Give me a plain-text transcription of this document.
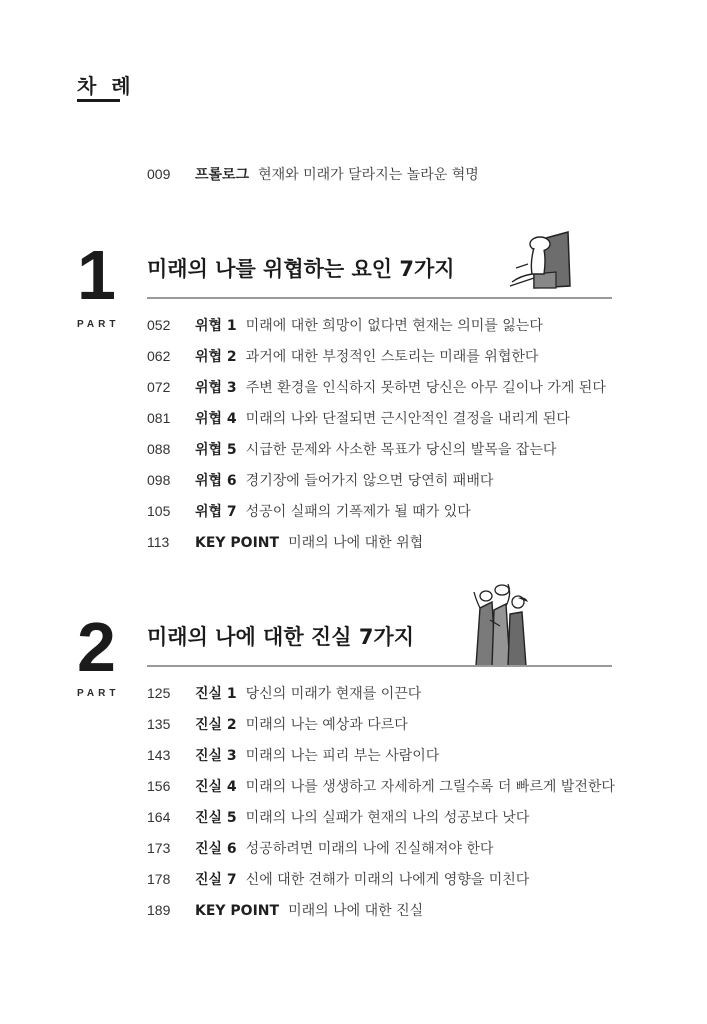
차 례
009 프롤로그 현재와 미래가 달라지는 놀라운 혁명
1
PART
미래의 나를 위협하는 요인 7가지
052 위협 1 미래에 대한 희망이 없다면 현재는 의미를 잃는다
062 위협 2 과거에 대한 부정적인 스토리는 미래를 위협한다
072 위협 3 주변 환경을 인식하지 못하면 당신은 아무 길이나 가게 된다
081 위협 4 미래의 나와 단절되면 근시안적인 결정을 내리게 된다
088 위협 5 시급한 문제와 사소한 목표가 당신의 발목을 잡는다
098 위협 6 경기장에 들어가지 않으면 당연히 패배다
105 위협 7 성공이 실패의 기폭제가 될 때가 있다
113 KEY POINT 미래의 나에 대한 위협
2
PART
미래의 나에 대한 진실 7가지
125 진실 1 당신의 미래가 현재를 이끈다
135 진실 2 미래의 나는 예상과 다르다
143 진실 3 미래의 나는 피리 부는 사람이다
156 진실 4 미래의 나를 생생하고 자세하게 그릴수록 더 빠르게 발전한다
164 진실 5 미래의 나의 실패가 현재의 나의 성공보다 낫다
173 진실 6 성공하려면 미래의 나에 진실해져야 한다
178 진실 7 신에 대한 견해가 미래의 나에게 영향을 미친다
189 KEY POINT 미래의 나에 대한 진실
